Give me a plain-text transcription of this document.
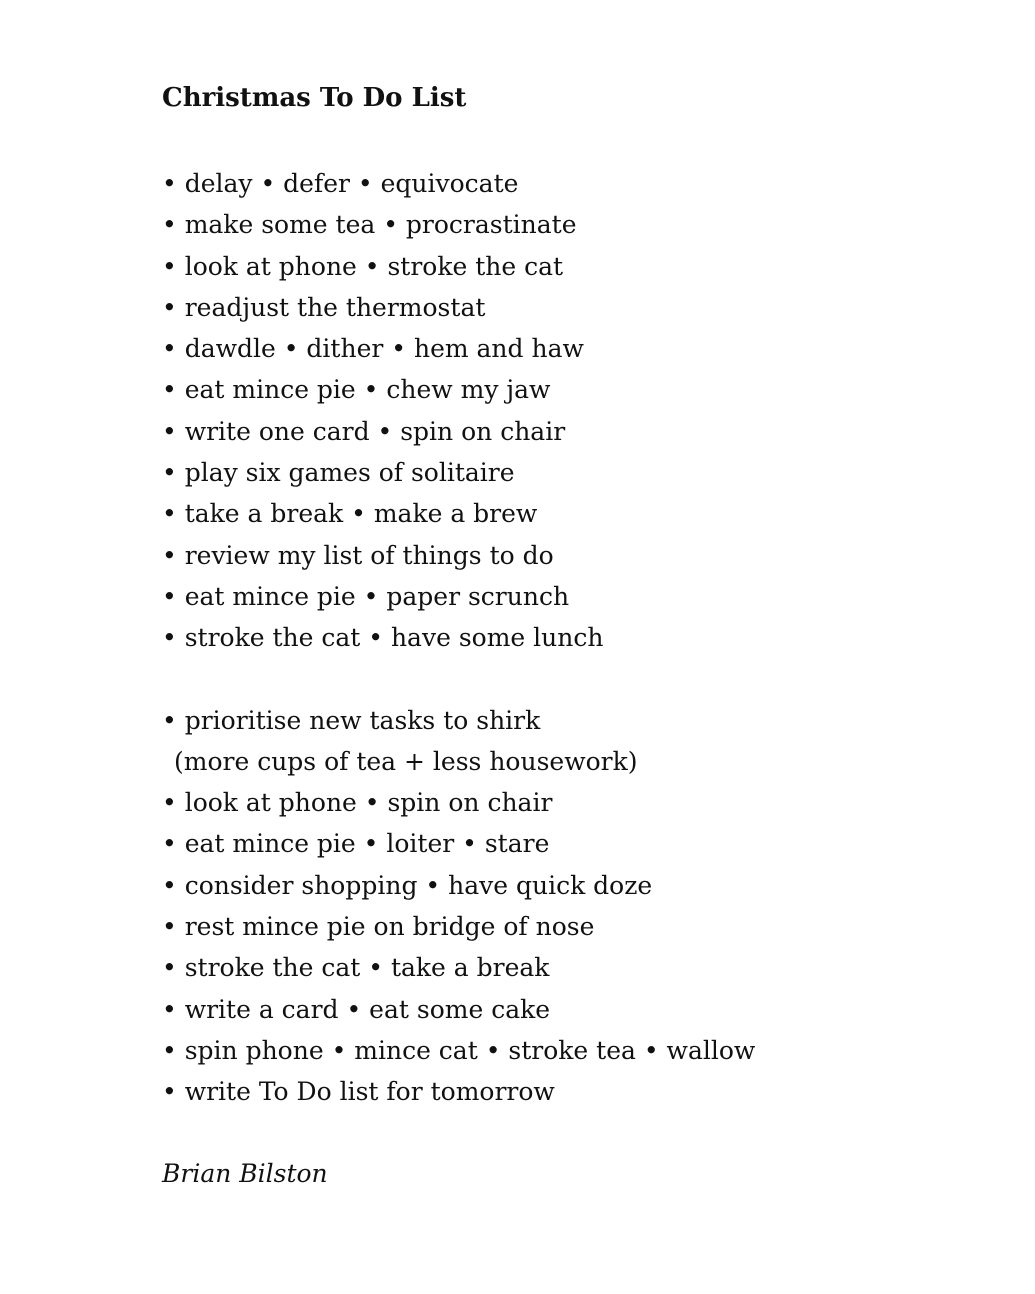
Christmas To Do List
• delay • defer • equivocate
• make some tea • procrastinate
• look at phone • stroke the cat
• readjust the thermostat
• dawdle • dither • hem and haw
• eat mince pie • chew my jaw
• write one card • spin on chair
• play six games of solitaire
• take a break • make a brew
• review my list of things to do
• eat mince pie • paper scrunch
• stroke the cat • have some lunch
• prioritise new tasks to shirk
(more cups of tea + less housework)
• look at phone • spin on chair
• eat mince pie • loiter • stare
• consider shopping • have quick doze
• rest mince pie on bridge of nose
• stroke the cat • take a break
• write a card • eat some cake
• spin phone • mince cat • stroke tea • wallow
• write To Do list for tomorrow
Brian Bilston
